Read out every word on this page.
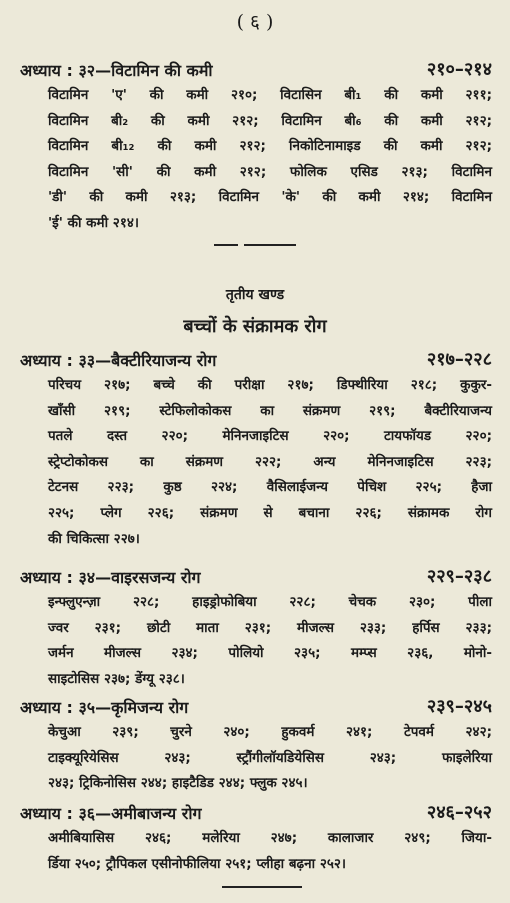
( ६ )
अध्याय : ३२—विटामिन की कमी	२१०–२१४
विटामिन 'ए' की कमी २१०; विटासिन बी₁ की कमी २११;
विटामिन बी₂ की कमी २१२; विटामिन बी₆ की कमी २१२;
विटामिन बी₁₂ की कमी २१२; निकोटिनामाइड की कमी २१२;
विटामिन 'सी' की कमी २१२; फोलिक एसिड २१३; विटामिन
'डी' की कमी २१३; विटामिन 'के' की कमी २१४; विटामिन
'ई' की कमी २१४।
तृतीय खण्ड
बच्चों के संक्रामक रोग
अध्याय : ३३—बैक्टीरियाजन्य रोग	२१७–२२८
परिचय २१७; बच्चे की परीक्षा २१७; डिफ्थीरिया २१८; कुकुर-
खाँसी २१९; स्टेफिलोकोकस का संक्रमण २१९; बैक्टीरियाजन्य
पतले दस्त २२०; मेनिनजाइटिस २२०; टायफॉयड २२०;
स्ट्रेप्टोकोकस का संक्रमण २२२; अन्य मेनिनजाइटिस २२३;
टेटनस २२३; कुष्ठ २२४; वैसिलाईजन्य पेचिश २२५; हैजा
२२५; प्लेग २२६; संक्रमण से बचाना २२६; संक्रामक रोग
की चिकित्सा २२७।
अध्याय : ३४—वाइरसजन्य रोग	२२९–२३८
इन्फ्लुएन्ज़ा २२८; हाइड्रोफोबिया २२८; चेचक २३०; पीला
ज्वर २३१; छोटी माता २३१; मीजल्स २३३; हर्पिस २३३;
जर्मन मीजल्स २३४; पोलियो २३५; मम्प्स २३६, मोनो-
साइटोसिस २३७; डेंग्यू २३८।
अध्याय : ३५—कृमिजन्य रोग	२३९–२४५
केचुआ २३९; चुरने २४०; हुकवर्म २४१; टेपवर्म २४२;
टाइक्यूरियेसिस २४३; स्ट्रौंगीलॉयडियेसिस २४३; फाइलेरिया
२४३; ट्रिकिनोसिस २४४; हाइटैडिड २४४; फ्लुक २४५।
अध्याय : ३६—अमीबाजन्य रोग	२४६–२५२
अमीबियासिस २४६; मलेरिया २४७; कालाजार २४९; जिया-
र्डिया २५०; ट्रौपिकल एसीनोफीलिया २५१; प्लीहा बढ़ना २५२।
